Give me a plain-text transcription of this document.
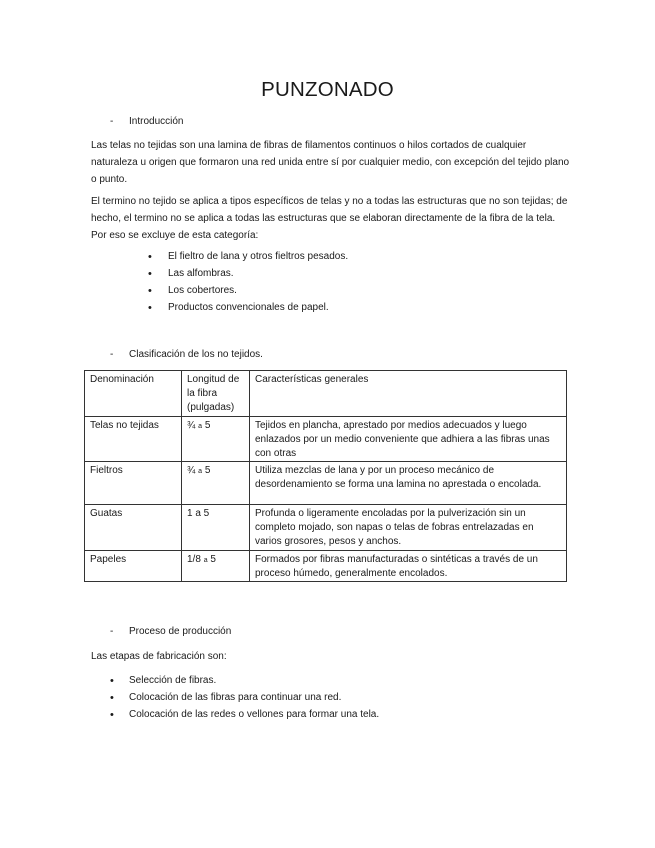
PUNZONADO
- Introducción
Las telas no tejidas son una lamina de fibras de filamentos continuos o hilos cortados de cualquier naturaleza u origen que formaron una red unida entre sí por cualquier medio, con excepción del tejido plano o punto.
El termino no tejido se aplica a tipos específicos de telas y no a todas las estructuras que no son tejidas; de hecho, el termino no se aplica a todas las estructuras que se elaboran directamente de la fibra de la tela. Por eso se excluye de esta categoría:
• El fieltro de lana y otros fieltros pesados.
• Las alfombras.
• Los cobertores.
• Productos convencionales de papel.
- Clasificación de los no tejidos.
Denominación	Longitud de la fibra (pulgadas)	Características generales
Telas no tejidas	¾ a 5	Tejidos en plancha, aprestado por medios adecuados y luego enlazados por un medio conveniente que adhiera a las fibras unas con otras
Fieltros	¾ a 5	Utiliza mezclas de lana y por un proceso mecánico de desordenamiento se forma una lamina no aprestada o encolada.
Guatas	1 a 5	Profunda o ligeramente encoladas por la pulverización sin un completo mojado, son napas o telas de fobras entrelazadas en varios grosores, pesos y anchos.
Papeles	1/8 a 5	Formados por fibras manufacturadas o sintéticas a través de un proceso húmedo, generalmente encolados.
- Proceso de producción
Las etapas de fabricación son:
• Selección de fibras.
• Colocación de las fibras para continuar una red.
• Colocación de las redes o vellones para formar una tela.
